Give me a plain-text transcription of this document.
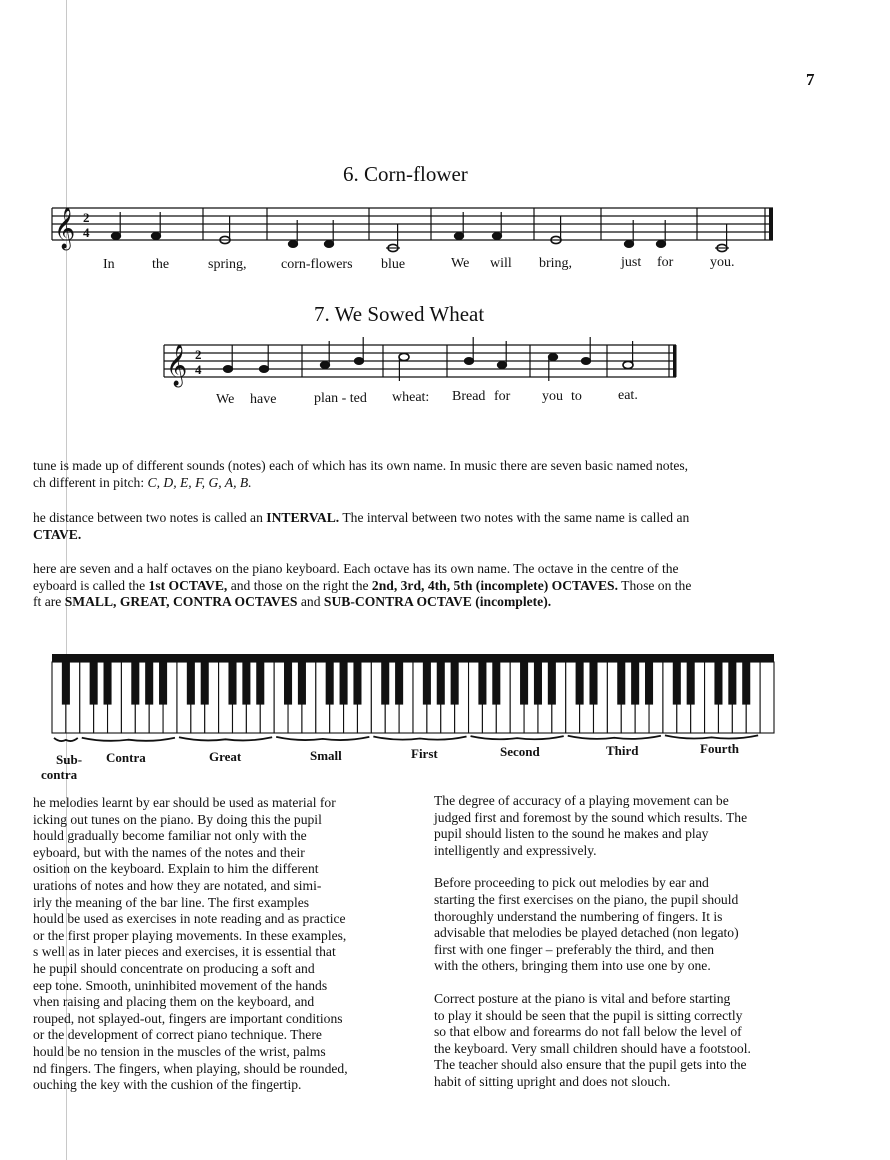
7
6. Corn-flower
𝄞 2
4
In	the	spring, corn-flowers blue	We will bring,	just for	you.
7. We Sowed Wheat
𝄞 2
4
We have	plan - ted wheat: Bread for you to	eat.
tune is made up of different sounds (notes) each of which has its own name. In music there are seven basic named notes,
ch different in pitch: C, D, E, F, G, A, B.
he distance between two notes is called an INTERVAL. The interval between two notes with the same name is called an
CTAVE.
here are seven and a half octaves on the piano keyboard. Each octave has its own name. The octave in the centre of the
eyboard is called the 1st OCTAVE, and those on the right the 2nd, 3rd, 4th, 5th (incomplete) OCTAVES. Those on the
ft are SMALL, GREAT, CONTRA OCTAVES and SUB-CONTRA OCTAVE (incomplete).
Sub-
contra
Contra	Great	Small	First	Second	Third	Fourth

he melodies learnt by ear should be used as material for

icking out tunes on the piano. By doing this the pupil

hould gradually become familiar not only with the

eyboard, but with the names of the notes and their

osition on the keyboard. Explain to him the different

urations of notes and how they are notated, and simi-

irly the meaning of the bar line. The first examples

hould be used as exercises in note reading and as practice

or the first proper playing movements. In these examples,

s well as in later pieces and exercises, it is essential that

he pupil should concentrate on producing a soft and

eep tone. Smooth, uninhibited movement of the hands

vhen raising and placing them on the keyboard, and

rouped, not splayed-out, fingers are important conditions

or the development of correct piano technique. There

hould be no tension in the muscles of the wrist, palms

nd fingers. The fingers, when playing, should be rounded,

ouching the key with the cushion of the fingertip.

The degree of accuracy of a playing movement can be

judged first and foremost by the sound which results. The

pupil should listen to the sound he makes and play

intelligently and expressively.

Before proceeding to pick out melodies by ear and

starting the first exercises on the piano, the pupil should

thoroughly understand the numbering of fingers. It is

advisable that melodies be played detached (non legato)

first with one finger – preferably the third, and then

with the others, bringing them into use one by one.

Correct posture at the piano is vital and before starting

to play it should be seen that the pupil is sitting correctly

so that elbow and forearms do not fall below the level of

the keyboard. Very small children should have a footstool.

The teacher should also ensure that the pupil gets into the

habit of sitting upright and does not slouch.
